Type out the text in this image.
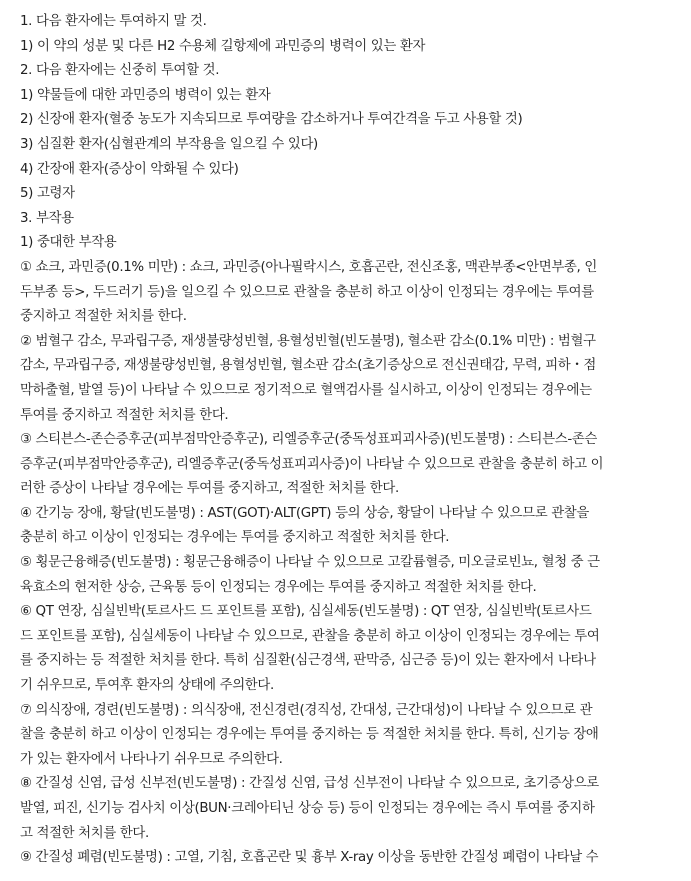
1. 다음 환자에는 투여하지 말 것.
1) 이 약의 성분 및 다른 H2 수용체 길항제에 과민증의 병력이 있는 환자
2. 다음 환자에는 신중히 투여할 것.
1) 약물들에 대한 과민증의 병력이 있는 환자
2) 신장애 환자(혈중 농도가 지속되므로 투여량을 감소하거나 투여간격을 두고 사용할 것)
3) 심질환 환자(심혈관계의 부작용을 일으킬 수 있다)
4) 간장애 환자(증상이 악화될 수 있다)
5) 고령자
3. 부작용
1) 중대한 부작용
① 쇼크, 과민증(0.1% 미만) : 쇼크, 과민증(아나필락시스, 호흡곤란, 전신조홍, 맥관부종<안면부종, 인
두부종 등>, 두드러기 등)을 일으킬 수 있으므로 관찰을 충분히 하고 이상이 인정되는 경우에는 투여를
중지하고 적절한 처치를 한다.
② 범혈구 감소, 무과립구증, 재생불량성빈혈, 용혈성빈혈(빈도불명), 혈소판 감소(0.1% 미만) : 범혈구
감소, 무과립구증, 재생불량성빈혈, 용혈성빈혈, 혈소판 감소(초기증상으로 전신권태감, 무력, 피하・점
막하출혈, 발열 등)이 나타날 수 있으므로 정기적으로 혈액검사를 실시하고, 이상이 인정되는 경우에는
투여를 중지하고 적절한 처치를 한다.
③ 스티븐스-존슨증후군(피부점막안증후군), 리엘증후군(중독성표피괴사증)(빈도불명) : 스티븐스-존슨
증후군(피부점막안증후군), 리엘증후군(중독성표피괴사증)이 나타날 수 있으므로 관찰을 충분히 하고 이
러한 증상이 나타날 경우에는 투여를 중지하고, 적절한 처치를 한다.
④ 간기능 장애, 황달(빈도불명) : AST(GOT)·ALT(GPT) 등의 상승, 황달이 나타날 수 있으므로 관찰을
충분히 하고 이상이 인정되는 경우에는 투여를 중지하고 적절한 처치를 한다.
⑤ 횡문근융해증(빈도불명) : 횡문근융해증이 나타날 수 있으므로 고칼륨혈증, 미오글로빈뇨, 혈청 중 근
육효소의 현저한 상승, 근육통 등이 인정되는 경우에는 투여를 중지하고 적절한 처치를 한다.
⑥ QT 연장, 심실빈박(토르사드 드 포인트를 포함), 심실세동(빈도불명) : QT 연장, 심실빈박(토르사드
드 포인트를 포함), 심실세동이 나타날 수 있으므로, 관찰을 충분히 하고 이상이 인정되는 경우에는 투여
를 중지하는 등 적절한 처치를 한다. 특히 심질환(심근경색, 판막증, 심근증 등)이 있는 환자에서 나타나
기 쉬우므로, 투여후 환자의 상태에 주의한다.
⑦ 의식장애, 경련(빈도불명) : 의식장애, 전신경련(경직성, 간대성, 근간대성)이 나타날 수 있으므로 관
찰을 충분히 하고 이상이 인정되는 경우에는 투여를 중지하는 등 적절한 처치를 한다. 특히, 신기능 장애
가 있는 환자에서 나타나기 쉬우므로 주의한다.
⑧ 간질성 신염, 급성 신부전(빈도불명) : 간질성 신염, 급성 신부전이 나타날 수 있으므로, 초기증상으로
발열, 피진, 신기능 검사치 이상(BUN·크레아티닌 상승 등) 등이 인정되는 경우에는 즉시 투여를 중지하
고 적절한 처치를 한다.
⑨ 간질성 폐렴(빈도불명) : 고열, 기침, 호흡곤란 및 흉부 X-ray 이상을 동반한 간질성 폐렴이 나타날 수
